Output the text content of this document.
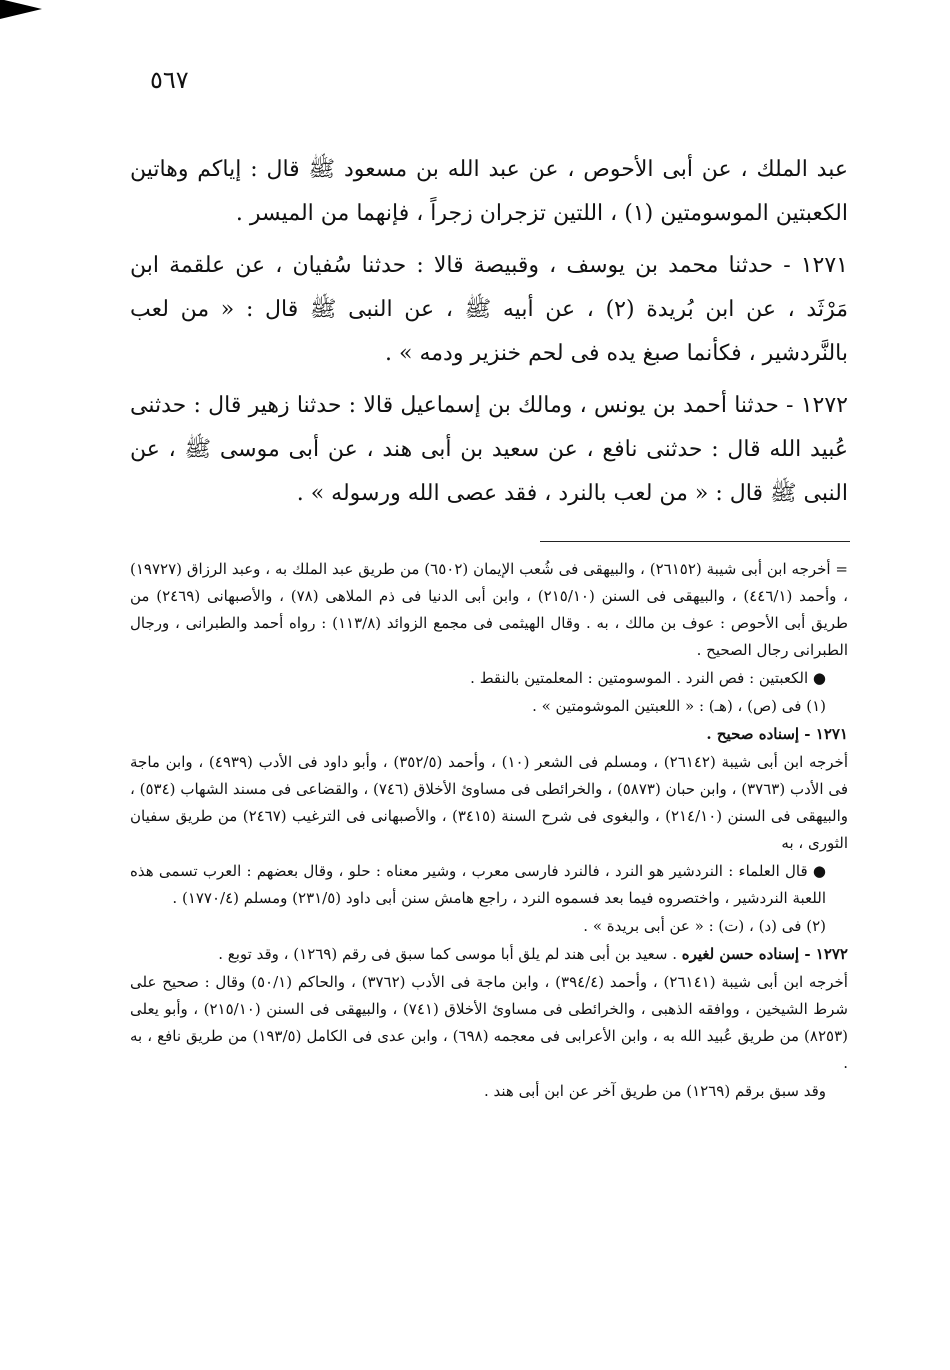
٥٦٧

عبد الملك ، عن أبى الأحوص ، عن عبد الله بن مسعود ﷺ قال : إياكم وهاتين الكعبتين الموسومتين (١) ، اللتين تزجران زجراً ، فإنهما من الميسر .

١٢٧١ - حدثنا محمد بن يوسف ، وقبيصة قالا : حدثنا سُفيان ، عن علقمة ابن مَرْثَد ، عن ابن بُريدة (٢) ، عن أبيه ﷺ ، عن النبى ﷺ قال : « من لعب بالنَّردشير ، فكأنما صبغ يده فى لحم خنزير ودمه » .

١٢٧٢ - حدثنا أحمد بن يونس ، ومالك بن إسماعيل قالا : حدثنا زهير قال : حدثنى عُبيد الله قال : حدثنى نافع ، عن سعيد بن أبى هند ، عن أبى موسى ﷺ ، عن النبى ﷺ قال : « من لعب بالنرد ، فقد عصى الله ورسوله » .

= أخرجه ابن أبى شيبة (٢٦١٥٢) ، والبيهقى فى شُعب الإيمان (٦٥٠٢) من طريق عبد الملك به ، وعبد الرزاق (١٩٧٢٧) ، وأحمد (٤٤٦/١) ، والبيهقى فى السنن (٢١٥/١٠) ، وابن أبى الدنيا فى ذم الملاهى (٧٨) ، والأصبهانى (٢٤٦٩) من طريق أبى الأحوص : عوف بن مالك ، به . وقال الهيثمى فى مجمع الزوائد (١١٣/٨) : رواه أحمد والطبرانى ، ورجال الطبرانى رجال الصحيح .

● الكعبتين : فص النرد . الموسومتين : المعلمتين بالنقط .

(١) فى (ص) ، (هـ) : « اللعبتين الموشومتين » .

١٢٧١ - إسناده صحيح .

أخرجه ابن أبى شيبة (٢٦١٤٢) ، ومسلم فى الشعر (١٠) ، وأحمد (٣٥٢/٥) ، وأبو داود فى الأدب (٤٩٣٩) ، وابن ماجة فى الأدب (٣٧٦٣) ، وابن حبان (٥٨٧٣) ، والخرائطى فى مساوئ الأخلاق (٧٤٦) ، والقضاعى فى مسند الشهاب (٥٣٤) ، والبيهقى فى السنن (٢١٤/١٠) ، والبغوى فى شرح السنة (٣٤١٥) ، والأصبهانى فى الترغيب (٢٤٦٧) من طريق سفيان الثورى ، به

● قال العلماء : النردشير هو النرد ، فالنرد فارسى معرب ، وشير معناه : حلو ، وقال بعضهم : العرب تسمى هذه اللعبة النردشير ، واختصروه فيما بعد فسموه النرد ، راجع هامش سنن أبى داود (٢٣١/٥) ومسلم (١٧٧٠/٤) .

(٢) فى (د) ، (ت) : « عن أبى بريدة » .

١٢٧٢ - إسناده حسن لغيره . سعيد بن أبى هند لم يلق أبا موسى كما سبق فى رقم (١٢٦٩) ، وقد توبع .

أخرجه ابن أبى شيبة (٢٦١٤١) ، وأحمد (٣٩٤/٤) ، وابن ماجة فى الأدب (٣٧٦٢) ، والحاكم (٥٠/١) وقال : صحيح على شرط الشيخين ، ووافقه الذهبى ، والخرائطى فى مساوئ الأخلاق (٧٤١) ، والبيهقى فى السنن (٢١٥/١٠) ، وأبو يعلى (٨٢٥٣) من طريق عُبيد الله به ، وابن الأعرابى فى معجمه (٦٩٨) ، وابن عدى فى الكامل (١٩٣/٥) من طريق نافع ، به .

وقد سبق برقم (١٢٦٩) من طريق آخر عن ابن أبى هند .
